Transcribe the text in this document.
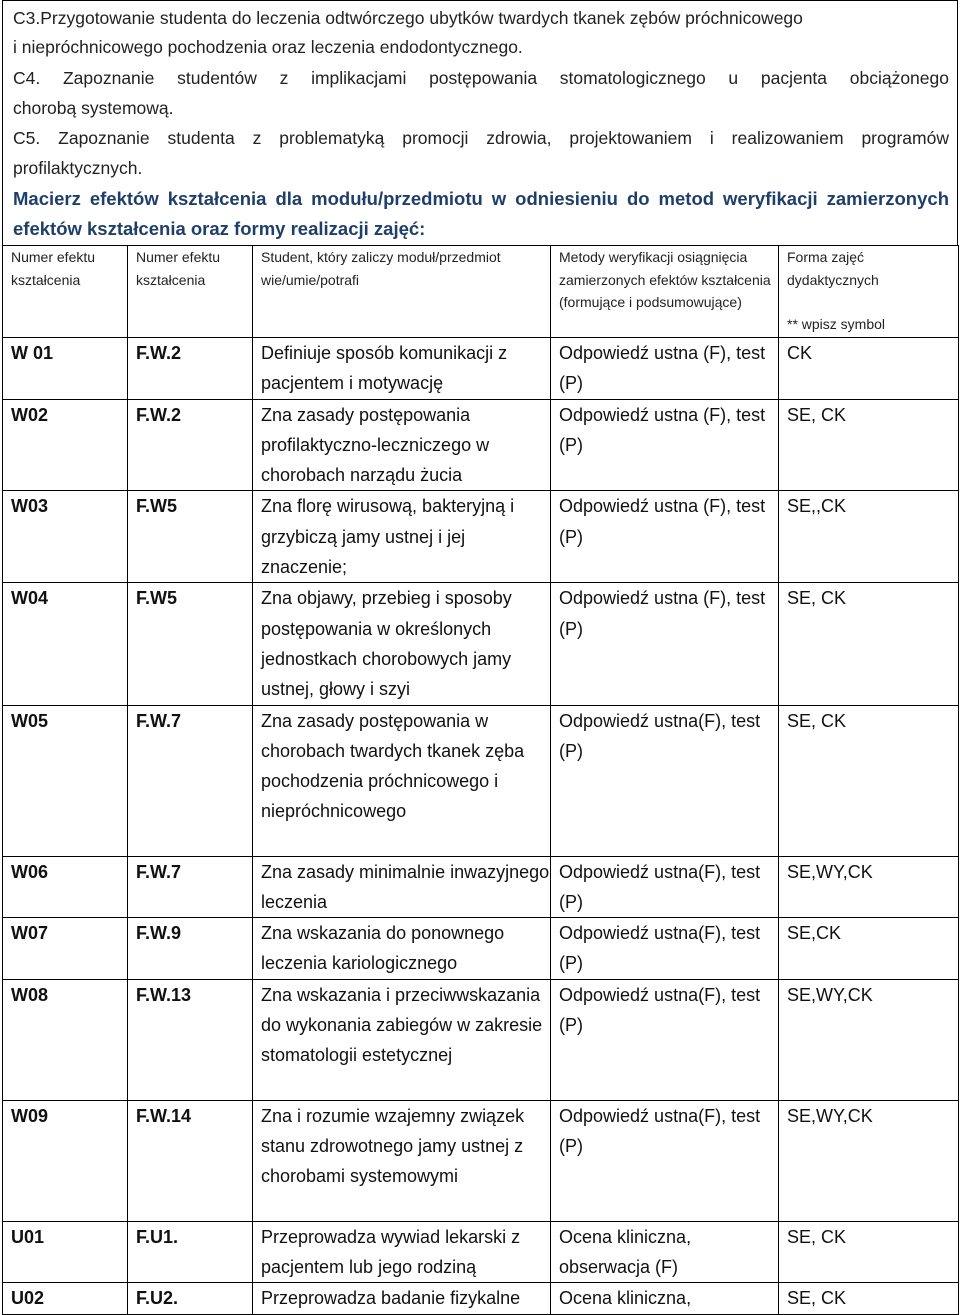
C3.Przygotowanie studenta do leczenia odtwórczego ubytków twardych tkanek zębów próchnicowego
i niepróchnicowego pochodzenia oraz leczenia endodontycznego.
C4. Zapoznanie studentów z implikacjami postępowania stomatologicznego u pacjenta obciążonego
chorobą systemową.
C5. Zapoznanie studenta z problematyką promocji zdrowia, projektowaniem i realizowaniem programów
profilaktycznych.
Macierz efektów kształcenia dla modułu/przedmiotu w odniesieniu do metod weryfikacji zamierzonych
efektów kształcenia oraz formy realizacji zajęć:
Numer efektu kształcenia	Numer efektu kształcenia	Student, który zaliczy moduł/przedmiot wie/umie/potrafi	Metody weryfikacji osiągnięcia zamierzonych efektów kształcenia (formujące i podsumowujące)	Forma zajęć dydaktycznych
** wpisz symbol

W 01	F.W.2	Definiuje sposób komunikacji z pacjentem i motywację	Odpowiedź ustna (F), test (P)	CK
W02	F.W.2	Zna zasady postępowania profilaktyczno-leczniczego w chorobach narządu żucia	Odpowiedź ustna (F), test (P)	SE, CK
W03	F.W5	Zna florę wirusową, bakteryjną i grzybiczą jamy ustnej i jej znaczenie;	Odpowiedź ustna (F), test (P)	SE,,CK
W04	F.W5	Zna objawy, przebieg i sposoby postępowania w określonych jednostkach chorobowych jamy ustnej, głowy i szyi	Odpowiedź ustna (F), test (P)	SE, CK
W05	F.W.7	Zna zasady postępowania w chorobach twardych tkanek zęba pochodzenia próchnicowego i niepróchnicowego	Odpowiedź ustna(F), test (P)	SE, CK
W06	F.W.7	Zna zasady minimalnie inwazyjnego leczenia	Odpowiedź ustna(F), test (P)	SE,WY,CK
W07	F.W.9	Zna wskazania do ponownego leczenia kariologicznego	Odpowiedź ustna(F), test (P)	SE,CK
W08	F.W.13	Zna wskazania i przeciwwskazania do wykonania zabiegów w zakresie stomatologii estetycznej	Odpowiedź ustna(F), test (P)	SE,WY,CK
W09	F.W.14	Zna i rozumie wzajemny związek stanu zdrowotnego jamy ustnej z chorobami systemowymi	Odpowiedź ustna(F), test (P)	SE,WY,CK
U01	F.U1.	Przeprowadza wywiad lekarski z pacjentem lub jego rodziną	Ocena kliniczna, obserwacja (F)	SE, CK
U02	F.U2.	Przeprowadza badanie fizykalne	Ocena kliniczna,	SE, CK
